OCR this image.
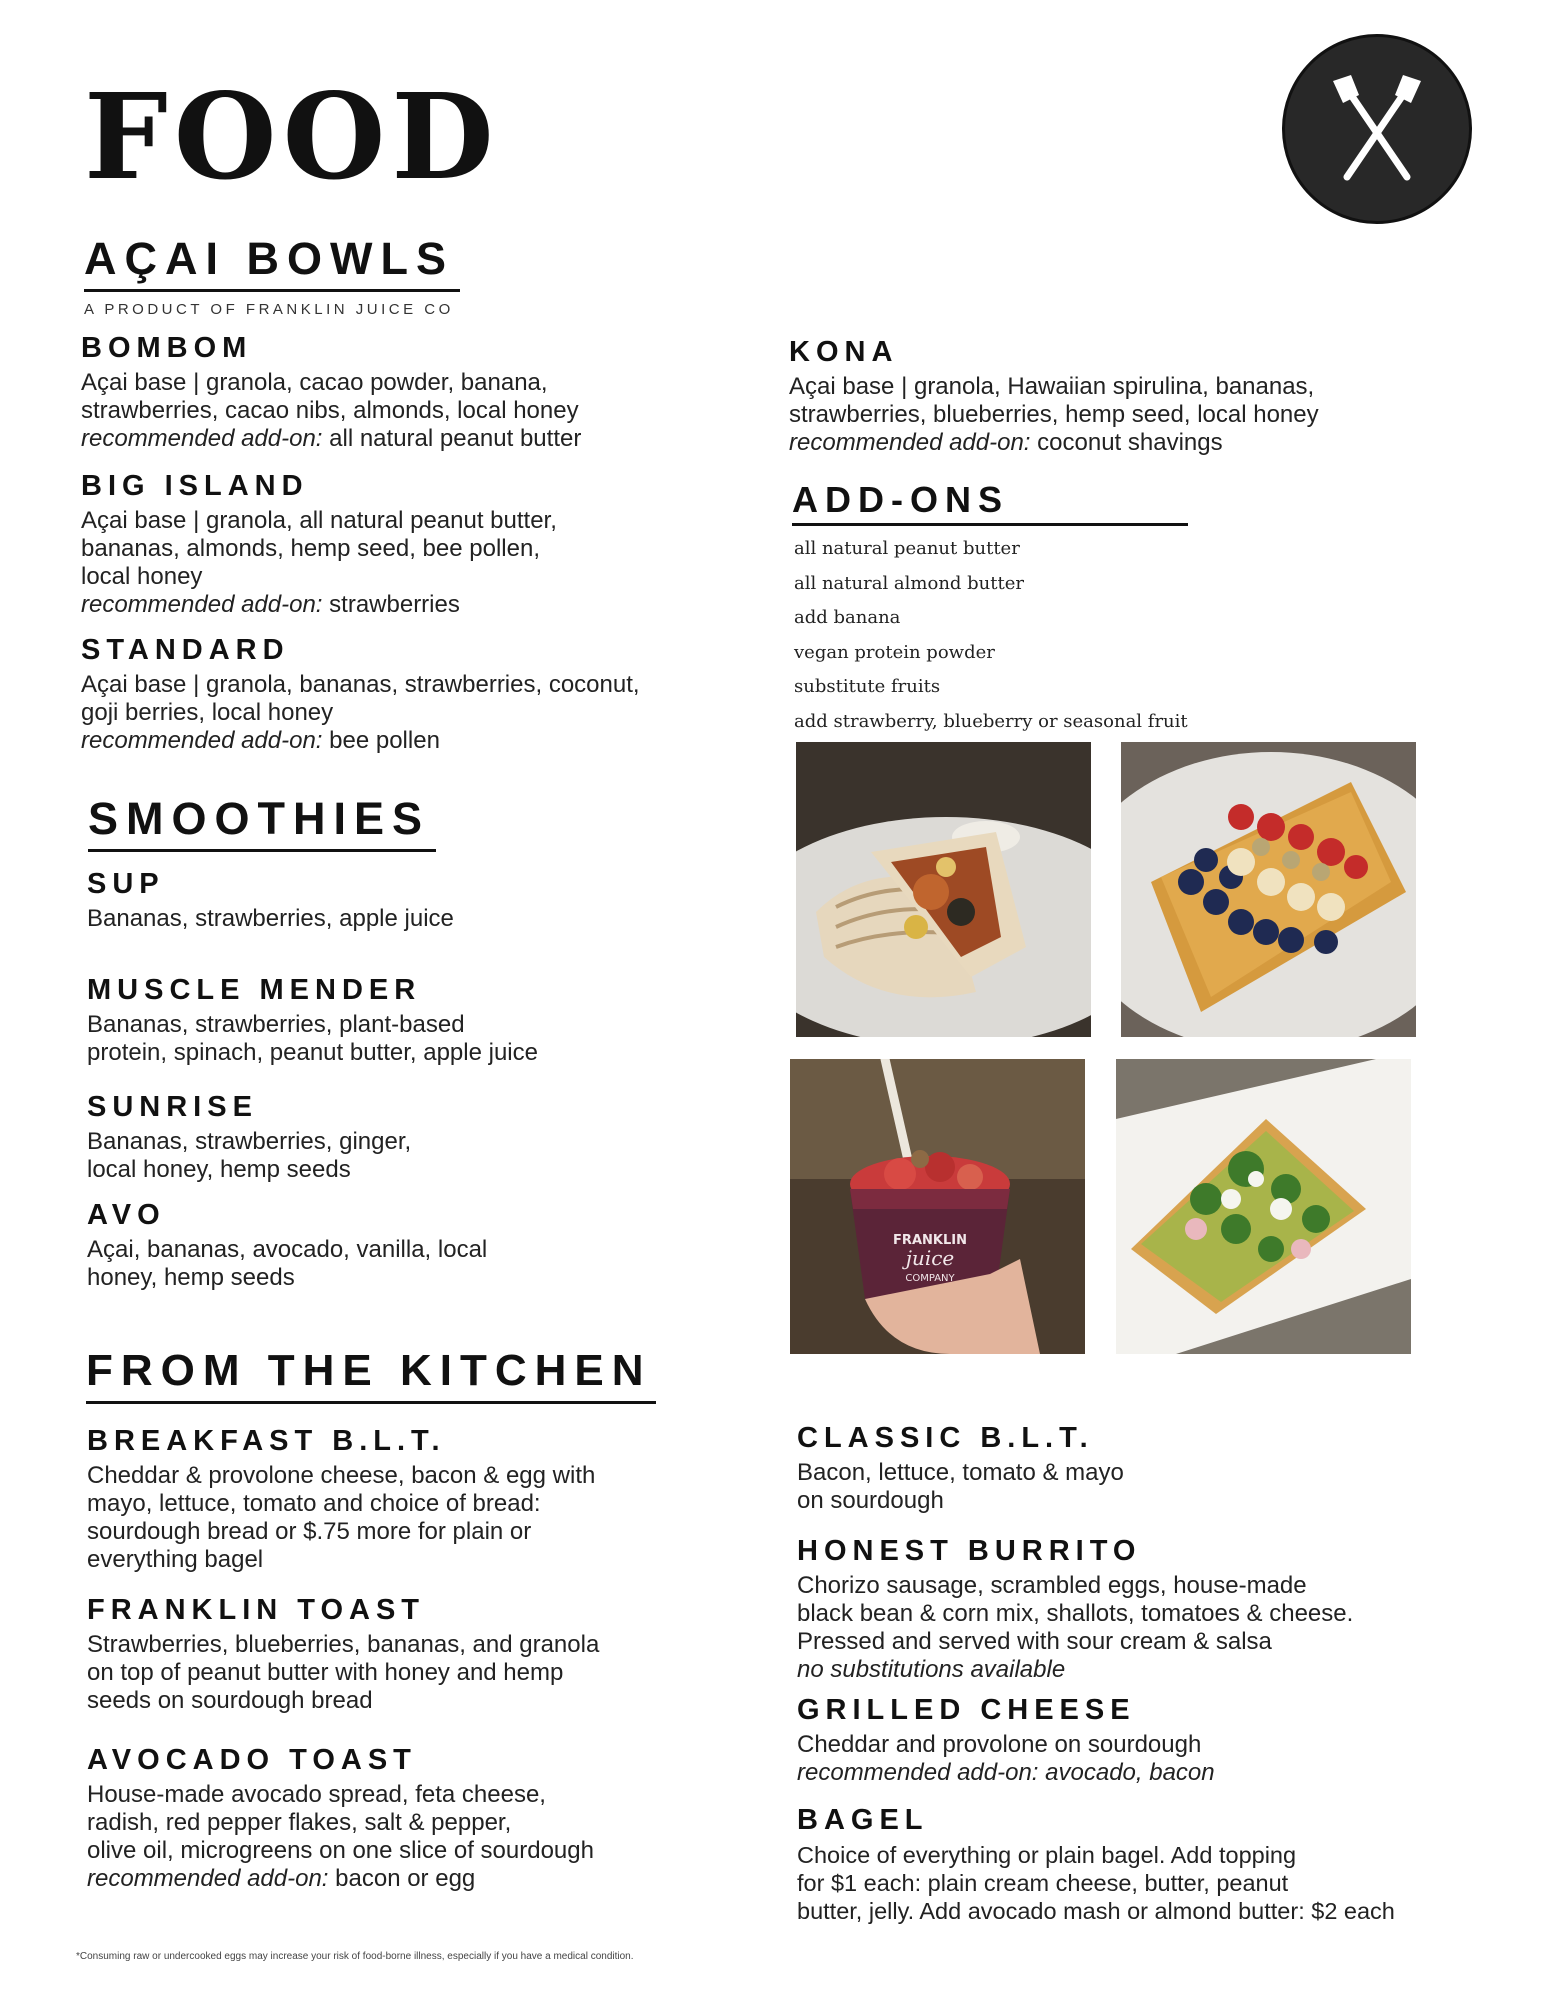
FOOD
AÇAI BOWLS

A PRODUCT OF FRANKLIN JUICE CO

BOMBOM

Açai base | granola, cacao powder, banana,
strawberries, cacao nibs, almonds, local honey

recommended add-on: all natural peanut butter

BIG ISLAND

Açai base | granola, all natural peanut butter,
bananas, almonds, hemp seed, bee pollen,
local honey

recommended add-on: strawberries

STANDARD

Açai base | granola, bananas, strawberries, coconut,
goji berries, local honey

recommended add-on: bee pollen

KONA

Açai base | granola, Hawaiian spirulina, bananas,
strawberries, blueberries, hemp seed, local honey

recommended add-on: coconut shavings

ADD-ONS
all natural peanut butter
all natural almond butter
add banana
vegan protein powder
substitute fruits
add strawberry, blueberry or seasonal fruit
SMOOTHIES
SUP

Bananas, strawberries, apple juice

MUSCLE MENDER

Bananas, strawberries, plant-based
protein, spinach, peanut butter, apple juice

SUNRISE

Bananas, strawberries, ginger,
local honey, hemp seeds

AVO

Açai, bananas, avocado, vanilla, local
honey, hemp seeds

FRANKLIN
juice
COMPANY
FROM THE KITCHEN
BREAKFAST B.L.T.

Cheddar & provolone cheese, bacon & egg with
mayo, lettuce, tomato and choice of bread:
sourdough bread or $.75 more for plain or
everything bagel

FRANKLIN TOAST

Strawberries, blueberries, bananas, and granola
on top of peanut butter with honey and hemp
seeds on sourdough bread

AVOCADO TOAST

House-made avocado spread, feta cheese,
radish, red pepper flakes, salt & pepper,
olive oil, microgreens on one slice of sourdough

recommended add-on: bacon or egg

CLASSIC B.L.T.

Bacon, lettuce, tomato & mayo
on sourdough

HONEST BURRITO

Chorizo sausage, scrambled eggs, house-made
black bean & corn mix, shallots, tomatoes & cheese.
Pressed and served with sour cream & salsa

no substitutions available

GRILLED CHEESE

Cheddar and provolone on sourdough

recommended add-on: avocado, bacon

BAGEL

Choice of everything or plain bagel. Add topping
for $1 each: plain cream cheese, butter, peanut
butter, jelly. Add avocado mash or almond butter: $2 each

*Consuming raw or undercooked eggs may increase your risk of food-borne illness, especially if you have a medical condition.
